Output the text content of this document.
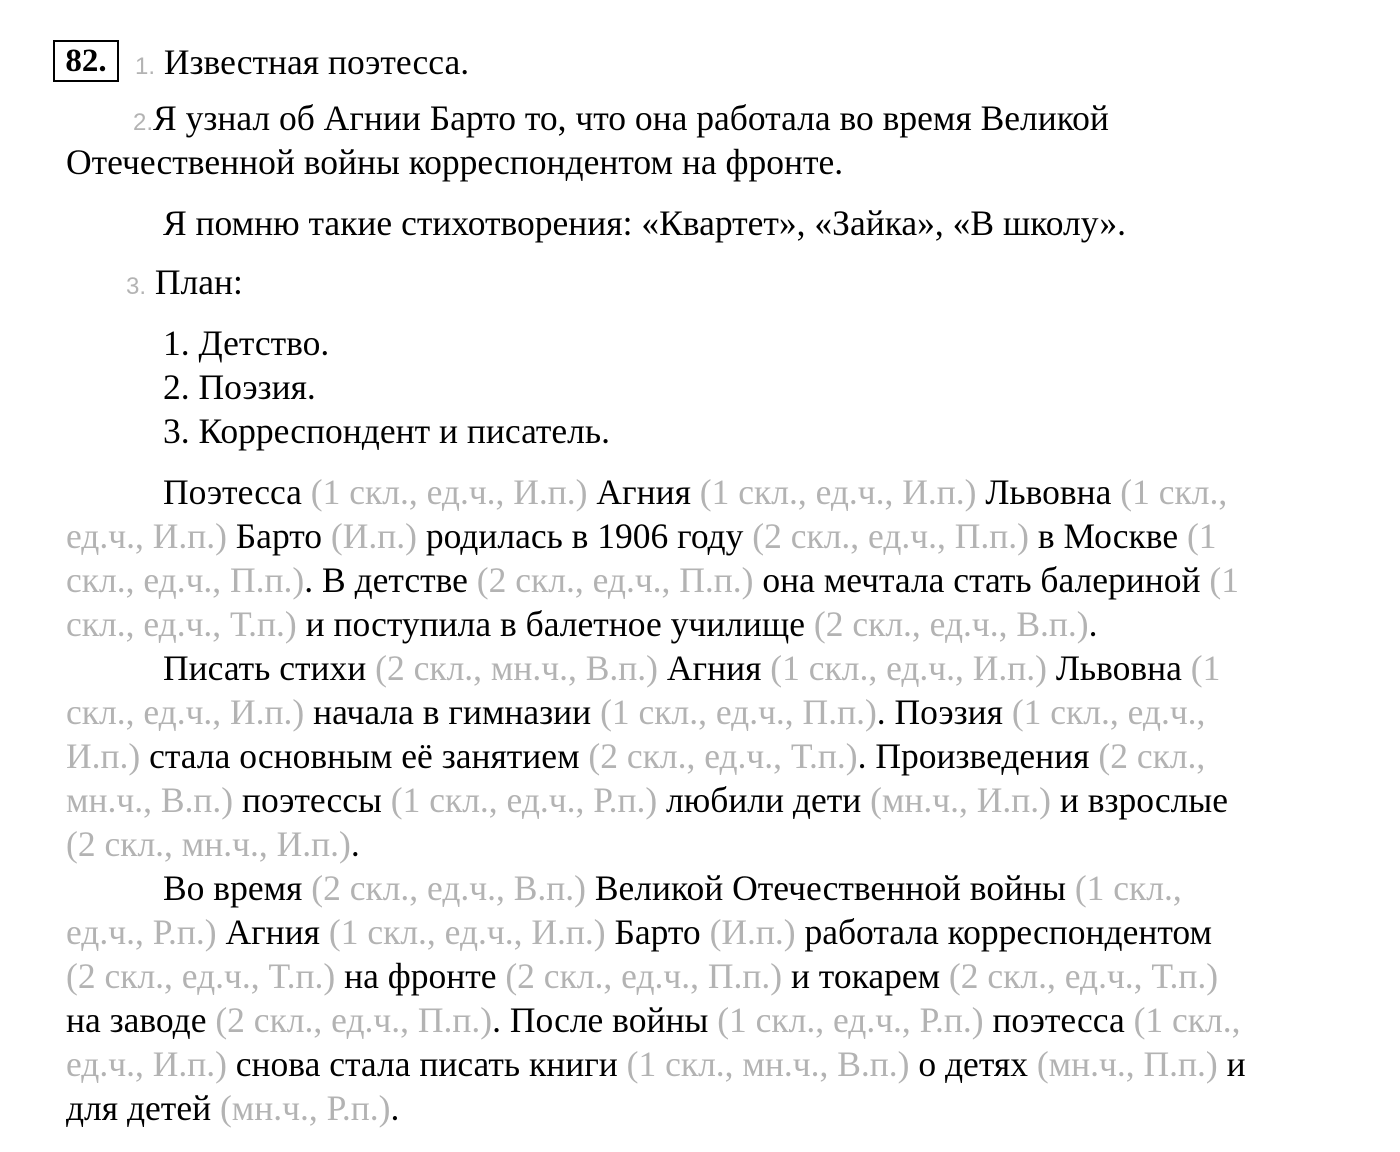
82.	1. Известная поэтесса.
2.Я узнал об Агнии Барто то, что она работала во время Великой
Отечественной войны корреспондентом на фронте.
Я помню такие стихотворения: «Квартет», «Зайка», «В школу».
3. План:
1. Детство.
2. Поэзия.
3. Корреспондент и писатель.
Поэтесса (1 скл., ед.ч., И.п.) Агния (1 скл., ед.ч., И.п.) Львовна (1 скл.,
ед.ч., И.п.) Барто (И.п.) родилась в 1906 году (2 скл., ед.ч., П.п.) в Москве (1
скл., ед.ч., П.п.). В детстве (2 скл., ед.ч., П.п.) она мечтала стать балериной (1
скл., ед.ч., Т.п.) и поступила в балетное училище (2 скл., ед.ч., В.п.).
Писать стихи (2 скл., мн.ч., В.п.) Агния (1 скл., ед.ч., И.п.) Львовна (1
скл., ед.ч., И.п.) начала в гимназии (1 скл., ед.ч., П.п.). Поэзия (1 скл., ед.ч.,
И.п.) стала основным её занятием (2 скл., ед.ч., Т.п.). Произведения (2 скл.,
мн.ч., В.п.) поэтессы (1 скл., ед.ч., Р.п.) любили дети (мн.ч., И.п.) и взрослые
(2 скл., мн.ч., И.п.).
Во время (2 скл., ед.ч., В.п.) Великой Отечественной войны (1 скл.,
ед.ч., Р.п.) Агния (1 скл., ед.ч., И.п.) Барто (И.п.) работала корреспондентом
(2 скл., ед.ч., Т.п.) на фронте (2 скл., ед.ч., П.п.) и токарем (2 скл., ед.ч., Т.п.)
на заводе (2 скл., ед.ч., П.п.). После войны (1 скл., ед.ч., Р.п.) поэтесса (1 скл.,
ед.ч., И.п.) снова стала писать книги (1 скл., мн.ч., В.п.) о детях (мн.ч., П.п.) и
для детей (мн.ч., Р.п.).
